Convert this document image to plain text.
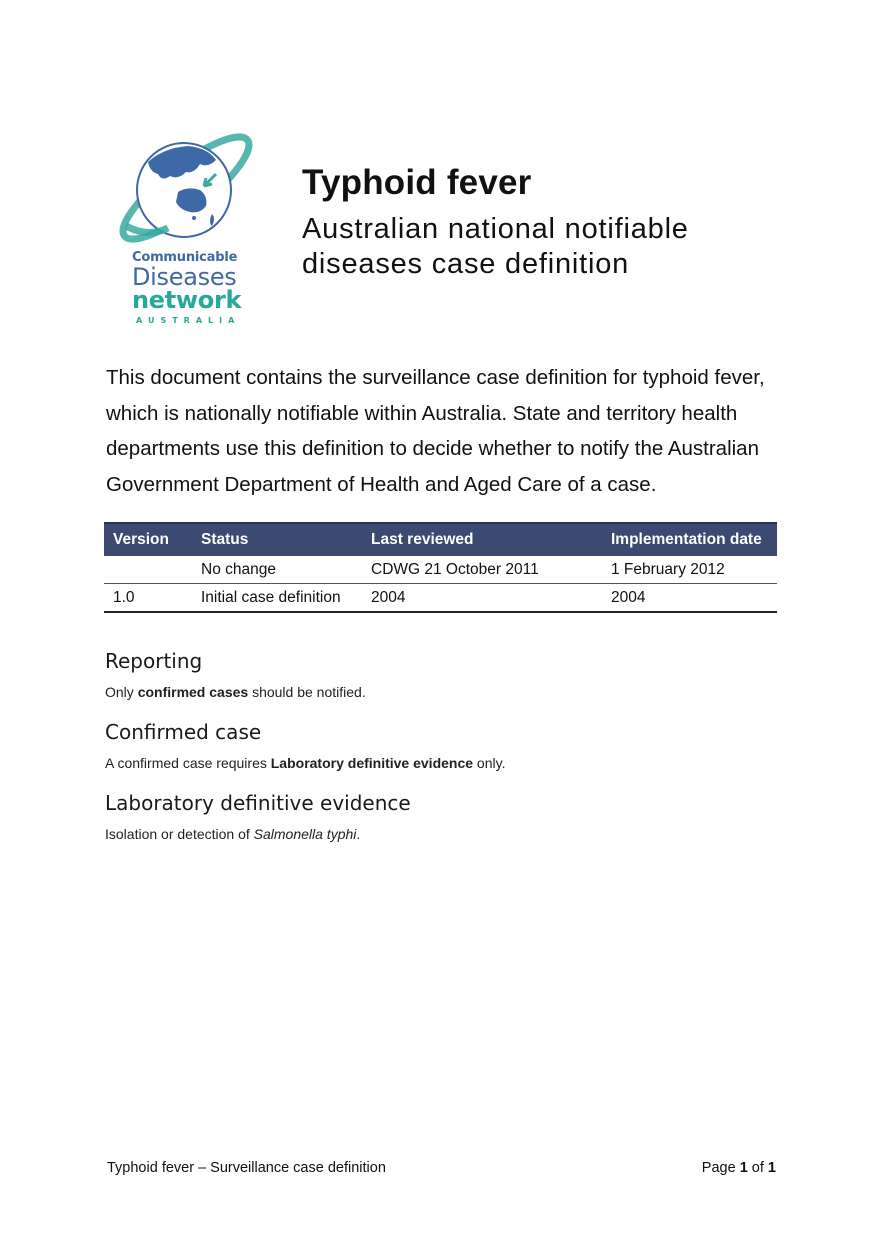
Communicable
Diseases
network
AUSTRALIA
Typhoid fever
Australian national notifiable diseases case definition
This document contains the surveillance case definition for typhoid fever, which is nationally notifiable within Australia. State and territory health departments use this definition to decide whether to notify the Australian Government Department of Health and Aged Care of a case.
Version	Status	Last reviewed	Implementation date
	No change	CDWG 21 October 2011	1 February 2012
1.0	Initial case definition	2004	2004
Reporting
Only confirmed cases should be notified.
Confirmed case
A confirmed case requires Laboratory definitive evidence only.
Laboratory definitive evidence
Isolation or detection of Salmonella typhi.
Typhoid fever – Surveillance case definition	Page 1 of 1
